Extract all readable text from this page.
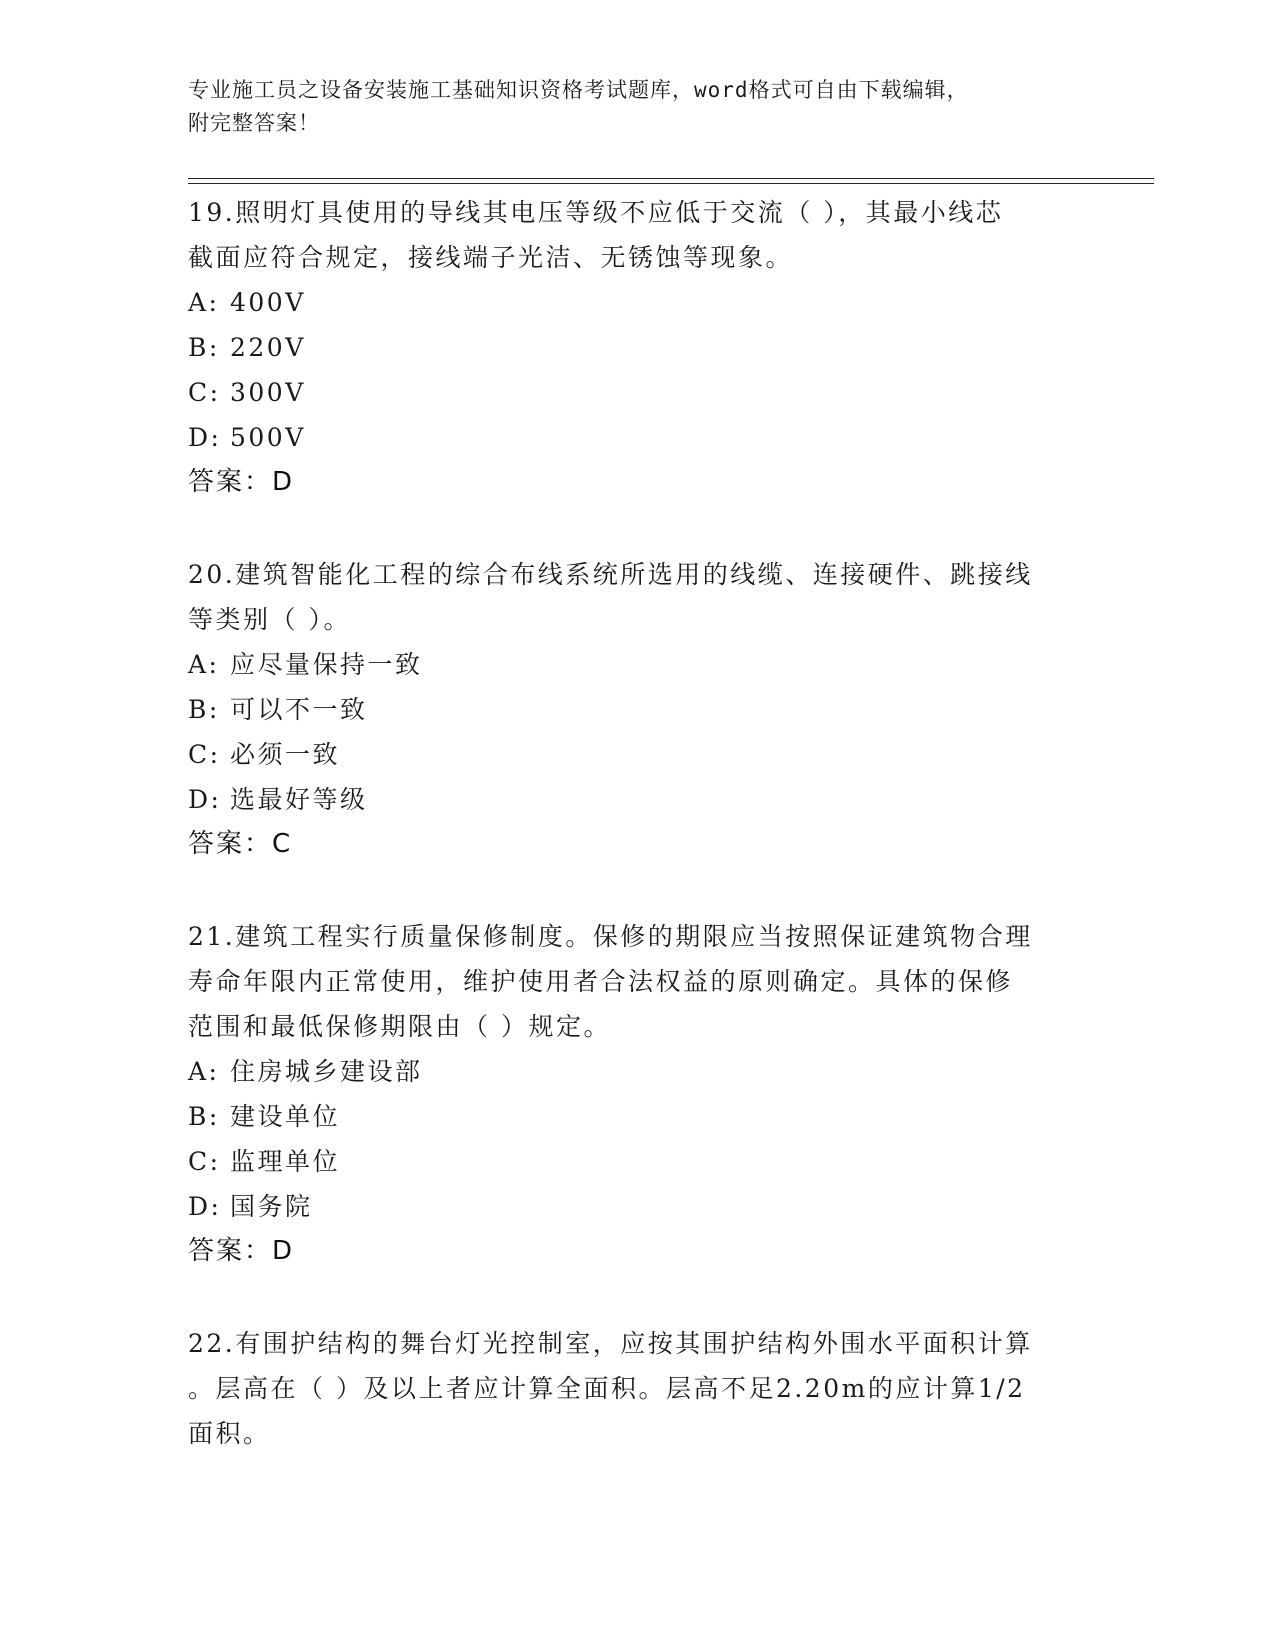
专业施工员之设备安装施工基础知识资格考试题库，word格式可自由下载编辑，
附完整答案！

19.照明灯具使用的导线其电压等级不应低于交流（ ），其最小线芯

截面应符合规定，接线端子光洁、无锈蚀等现象。

A: 400V

B: 220V

C: 300V

D: 500V

答案：D

20.建筑智能化工程的综合布线系统所选用的线缆、连接硬件、跳接线

等类别（ ）。

A: 应尽量保持一致

B: 可以不一致

C: 必须一致

D: 选最好等级

答案：C

21.建筑工程实行质量保修制度。保修的期限应当按照保证建筑物合理

寿命年限内正常使用，维护使用者合法权益的原则确定。具体的保修

范围和最低保修期限由（ ）规定。

A: 住房城乡建设部

B: 建设单位

C: 监理单位

D: 国务院

答案：D

22.有围护结构的舞台灯光控制室，应按其围护结构外围水平面积计算

。层高在（ ）及以上者应计算全面积。层高不足2.20m的应计算1/2

面积。
